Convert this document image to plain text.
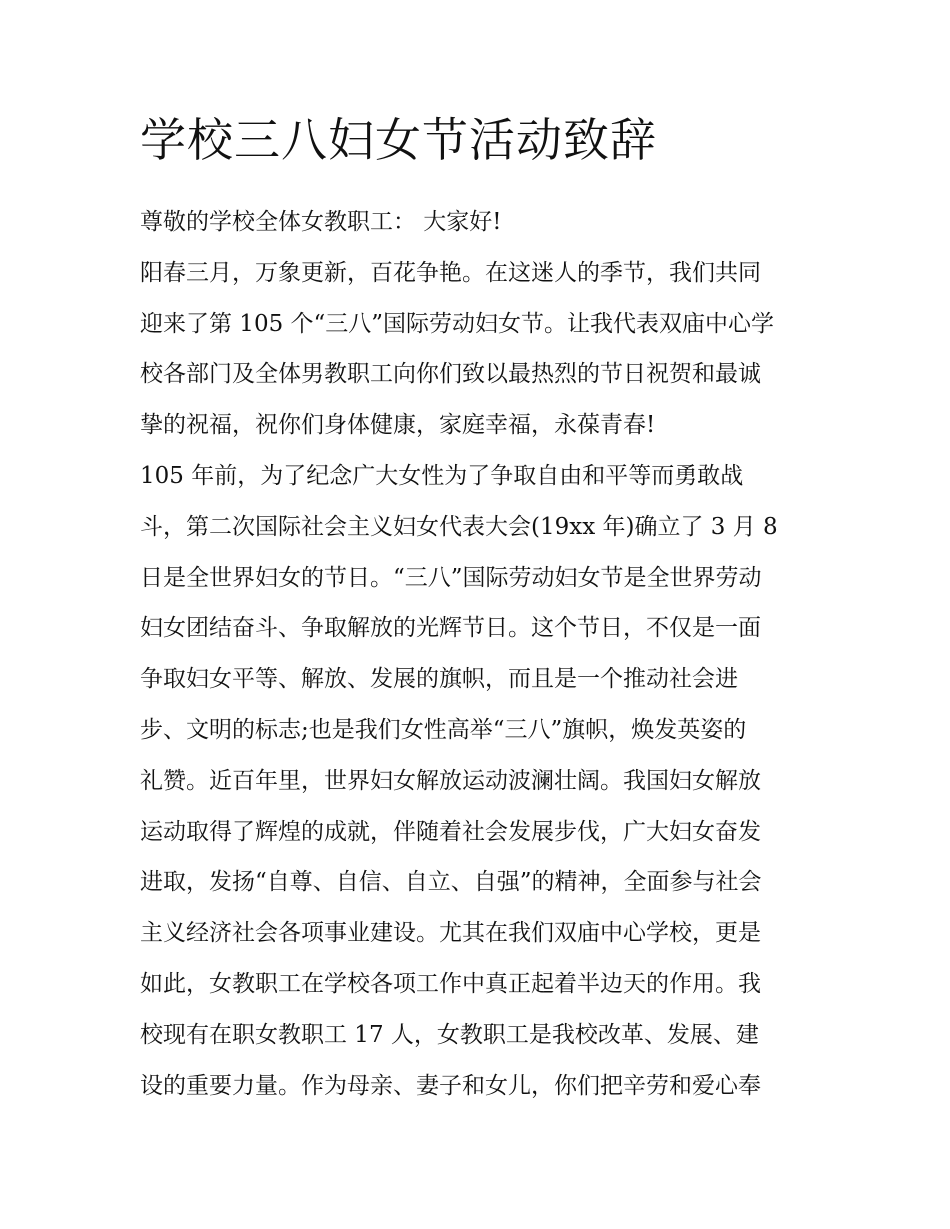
学校三八妇女节活动致辞

尊敬的学校全体女教职工： 大家好!

阳春三月，万象更新，百花争艳。在这迷人的季节，我们共同

迎来了第 105 个“三八”国际劳动妇女节。让我代表双庙中心学

校各部门及全体男教职工向你们致以最热烈的节日祝贺和最诚

挚的祝福，祝你们身体健康，家庭幸福，永葆青春!

105 年前，为了纪念广大女性为了争取自由和平等而勇敢战

斗，第二次国际社会主义妇女代表大会(19xx 年)确立了 3 月 8

日是全世界妇女的节日。“三八”国际劳动妇女节是全世界劳动

妇女团结奋斗、争取解放的光辉节日。这个节日，不仅是一面

争取妇女平等、解放、发展的旗帜，而且是一个推动社会进

步、文明的标志;也是我们女性高举“三八”旗帜，焕发英姿的

礼赞。近百年里，世界妇女解放运动波澜壮阔。我国妇女解放

运动取得了辉煌的成就，伴随着社会发展步伐，广大妇女奋发

进取，发扬“自尊、自信、自立、自强”的精神，全面参与社会

主义经济社会各项事业建设。尤其在我们双庙中心学校，更是

如此，女教职工在学校各项工作中真正起着半边天的作用。我

校现有在职女教职工 17 人，女教职工是我校改革、发展、建

设的重要力量。作为母亲、妻子和女儿，你们把辛劳和爱心奉
